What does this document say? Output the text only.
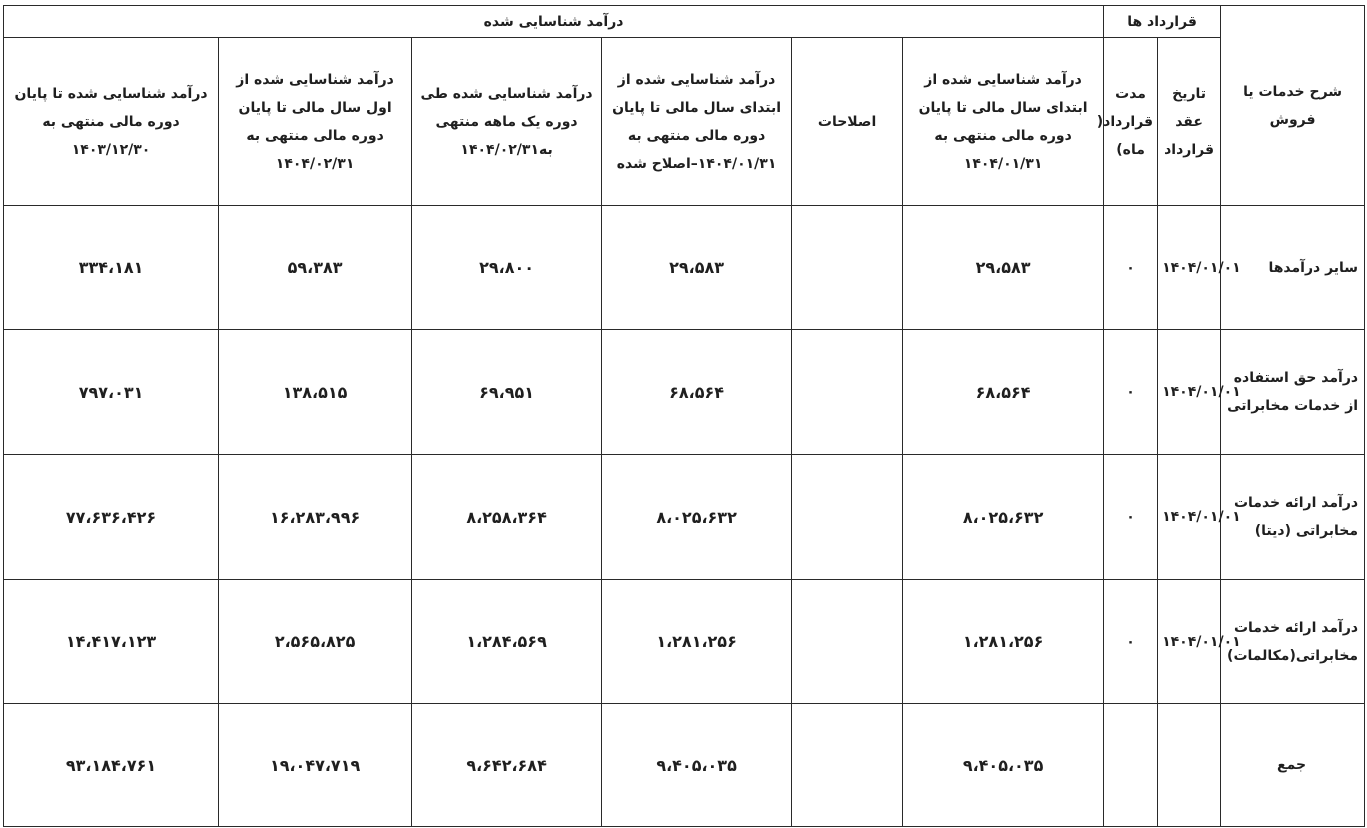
شرح خدمات یا فروش	قرارداد ها		درآمد شناسایی شده					
	تاریخ عقد قرارداد	مدت قرارداد( ماه)	درآمد شناسایی شده از ابتدای سال مالی تا پایان دوره مالی منتهی به ۱۴۰۴/۰۱/۳۱	اصلاحات	درآمد شناسایی شده از ابتدای سال مالی تا پایان دوره مالی منتهی به ۱۴۰۴/۰۱/۳۱–اصلاح شده	درآمد شناسایی شده طی دوره یک ماهه منتهی به۱۴۰۴/۰۲/۳۱	درآمد شناسایی شده از اول سال مالی تا پایان دوره مالی منتهی به ۱۴۰۴/۰۲/۳۱	درآمد شناسایی شده تا پایان دوره مالی منتهی به ۱۴۰۳/۱۲/۳۰
سایر درآمدها	۱۴۰۴/۰۱/۰۱	۰	۲۹،۵۸۳		۲۹،۵۸۳	۲۹،۸۰۰	۵۹،۳۸۳	۳۳۴،۱۸۱
درآمد حق استفاده از خدمات مخابراتی	۱۴۰۴/۰۱/۰۱	۰	۶۸،۵۶۴		۶۸،۵۶۴	۶۹،۹۵۱	۱۳۸،۵۱۵	۷۹۷،۰۳۱
درآمد ارائه خدمات مخابراتی (دیتا)	۱۴۰۴/۰۱/۰۱	۰	۸،۰۲۵،۶۳۲		۸،۰۲۵،۶۳۲	۸،۲۵۸،۳۶۴	۱۶،۲۸۳،۹۹۶	۷۷،۶۳۶،۴۲۶
درآمد ارائه خدمات مخابراتی(مکالمات)	۱۴۰۴/۰۱/۰۱	۰	۱،۲۸۱،۲۵۶		۱،۲۸۱،۲۵۶	۱،۲۸۴،۵۶۹	۲،۵۶۵،۸۲۵	۱۴،۴۱۷،۱۲۳
جمع			۹،۴۰۵،۰۳۵		۹،۴۰۵،۰۳۵	۹،۶۴۲،۶۸۴	۱۹،۰۴۷،۷۱۹	۹۳،۱۸۴،۷۶۱
